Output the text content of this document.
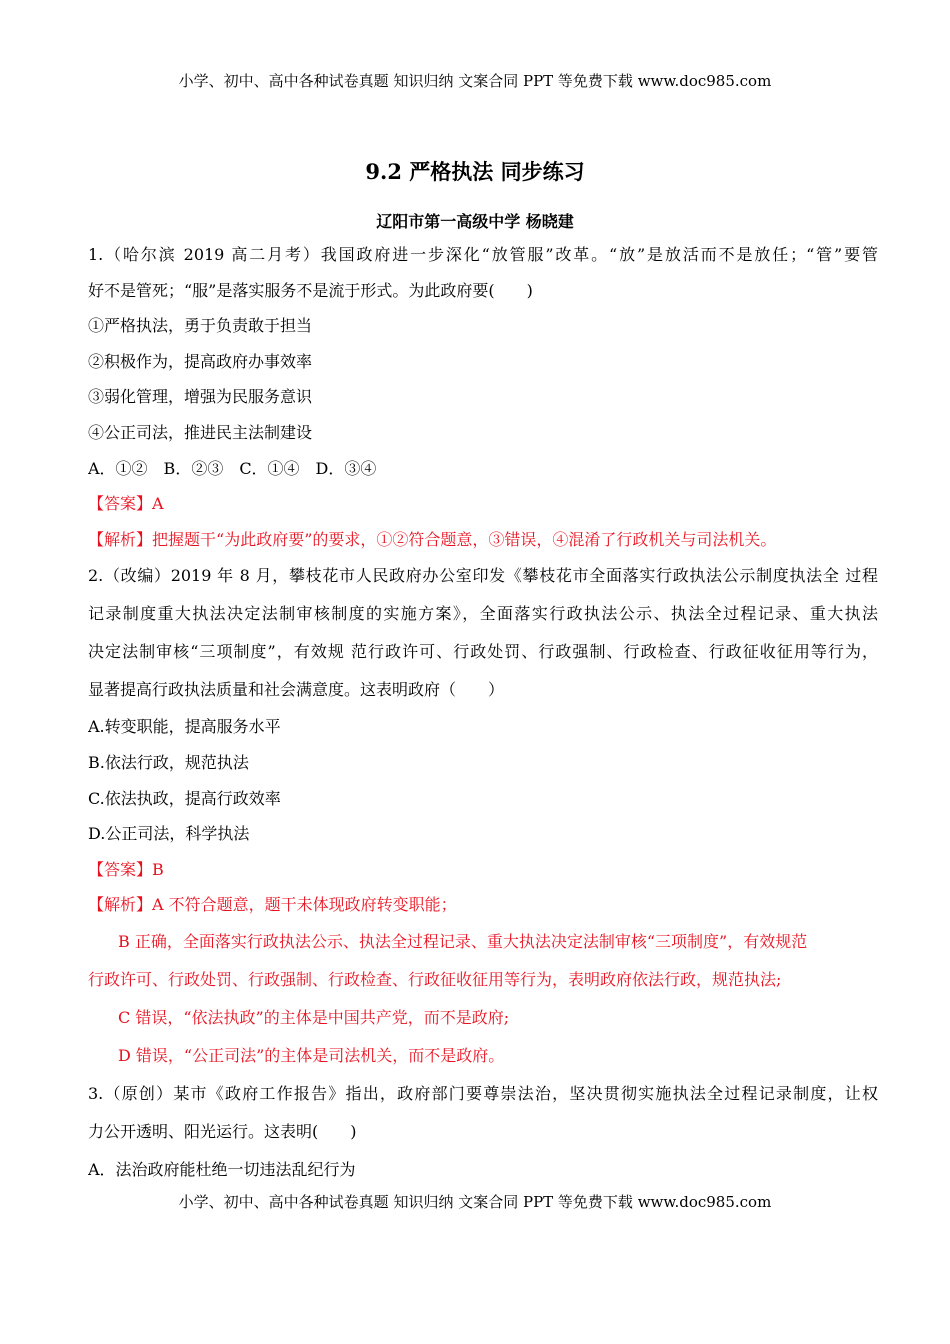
小学、初中、高中各种试卷真题 知识归纳 文案合同 PPT 等免费下载 www.doc985.com
9.2 严格执法 同步练习
辽阳市第一高级中学 杨晓建
1.（哈尔滨 2019 高二月考）我国政府进一步深化“放管服”改革。“放”是放活而不是放任；“管”要管
好不是管死；“服”是落实服务不是流于形式。为此政府要(　　)
①严格执法，勇于负责敢于担当
②积极作为，提高政府办事效率
③弱化管理，增强为民服务意识
④公正司法，推进民主法制建设
A．①②　B．②③　C．①④　D．③④
【答案】A
【解析】把握题干“为此政府要”的要求，①②符合题意，③错误，④混淆了行政机关与司法机关。
2.（改编）2019 年 8 月，攀枝花市人民政府办公室印发《攀枝花市全面落实行政执法公示制度执法全 过程
记录制度重大执法决定法制审核制度的实施方案》，全面落实行政执法公示、执法全过程记录、重大执法
决定法制审核“三项制度”，有效规 范行政许可、行政处罚、行政强制、行政检查、行政征收征用等行为，
显著提高行政执法质量和社会满意度。这表明政府（　　）
A.转变职能，提高服务水平
B.依法行政，规范执法
C.依法执政，提高行政效率
D.公正司法，科学执法
【答案】B
【解析】A 不符合题意，题干未体现政府转变职能；
B 正确，全面落实行政执法公示、执法全过程记录、重大执法决定法制审核“三项制度”，有效规范
行政许可、行政处罚、行政强制、行政检查、行政征收征用等行为，表明政府依法行政，规范执法;
C 错误，“依法执政”的主体是中国共产党，而不是政府;
D 错误，“公正司法”的主体是司法机关，而不是政府。
3.（原创）某市《政府工作报告》指出，政府部门要尊崇法治，坚决贯彻实施执法全过程记录制度，让权
力公开透明、阳光运行。这表明(　　)
A．法治政府能杜绝一切违法乱纪行为
小学、初中、高中各种试卷真题 知识归纳 文案合同 PPT 等免费下载 www.doc985.com
